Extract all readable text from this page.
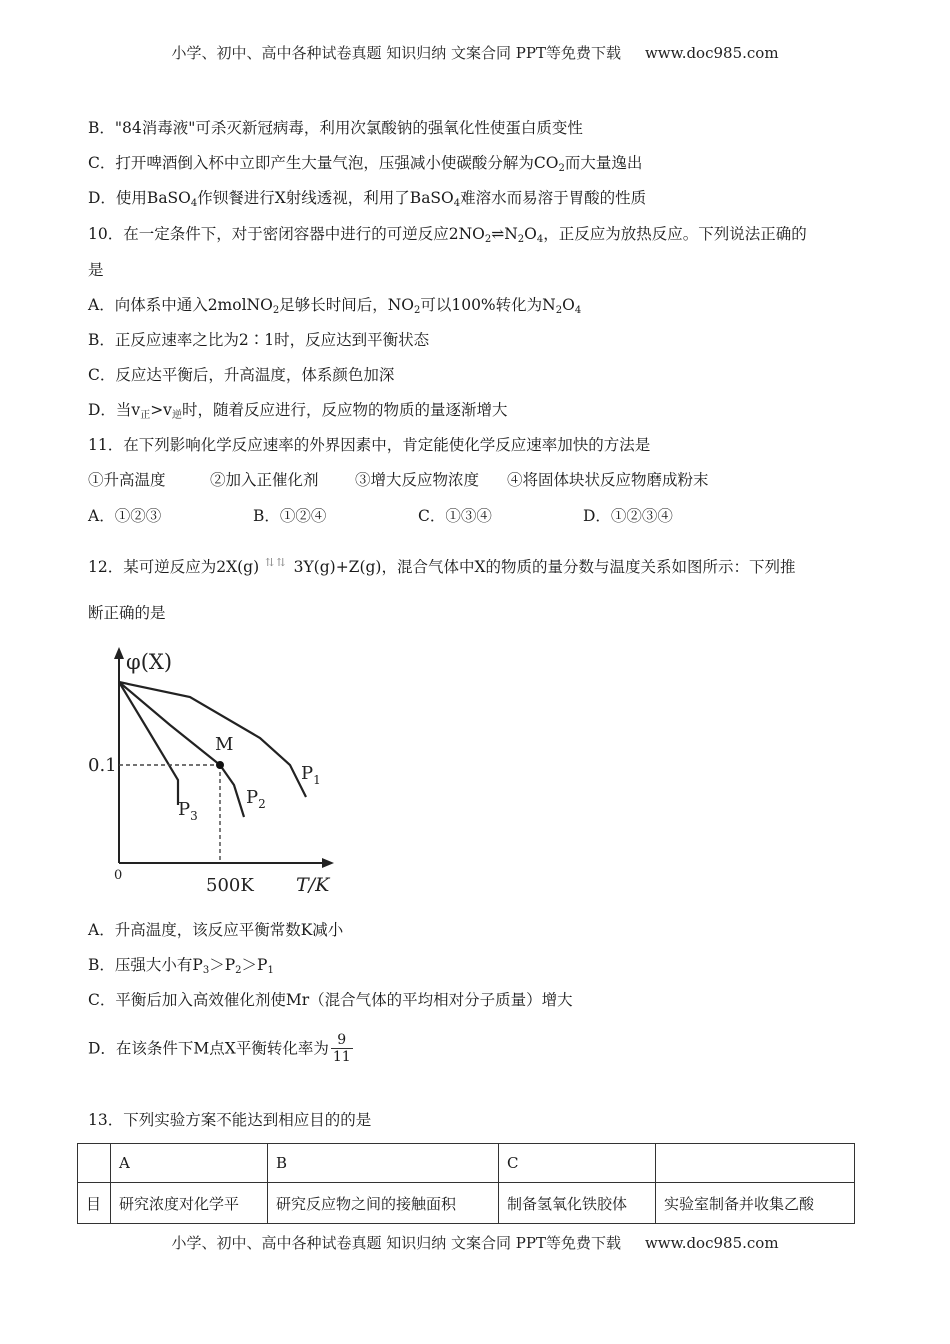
小学、初中、高中各种试卷真题 知识归纳 文案合同 PPT等免费下载 www.doc985.com
B．"84消毒液"可杀灭新冠病毒，利用次氯酸钠的强氧化性使蛋白质变性
C．打开啤酒倒入杯中立即产生大量气泡，压强减小使碳酸分解为$CO_2$而大量逸出
D．使用BaSO$_4$作钡餐进行X射线透视，利用了BaSO$_4$难溶水而易溶于胃酸的性质
10．在一定条件下，对于密闭容器中进行的可逆反应$2NO_2\rightleftharpoons N_2O_4$，正反应为放热反应。下列说法正确的
是
A．向体系中通入2molNO$_2$足够长时间后，$NO_2$可以100%转化为$N_2O_4$
B．正反应速率之比为2∶1时，反应达到平衡状态
C．反应达平衡后，升高温度，体系颜色加深
D．当$v_正>v_逆$时，随着反应进行，反应物的物质的量逐渐增大
11．在下列影响化学反应速率的外界因素中，肯定能使化学反应速率加快的方法是
①升高温度	②加入正催化剂 ③增大反应物浓度 ④将固体块状反应物磨成粉末
A．①②③	B．①②④	C．①③④	D．①②③④
12．某可逆反应为2X(g) ⇅⇅ 3Y(g)+Z(g)，混合气体中X的物质的量分数与温度关系如图所示：下列推
断正确的是
φ(X)
T/K
0
0.1
500K
M
$P_1$
$P_2$
$P_3$
A．升高温度，该反应平衡常数K减小
B．压强大小有$P_3>P_2>P_1$
C．平衡后加入高效催化剂使Mr（混合气体的平均相对分子质量）增大
D．在该条件下M点X平衡转化率为 $\frac{9}{11}$
13．下列实验方案不能达到相应目的的是
	A	B	C	
目	研究浓度对化学平	研究反应物之间的接触面积	制备氢氧化铁胶体	实验室制备并收集乙酸
小学、初中、高中各种试卷真题 知识归纳 文案合同 PPT等免费下载 www.doc985.com
